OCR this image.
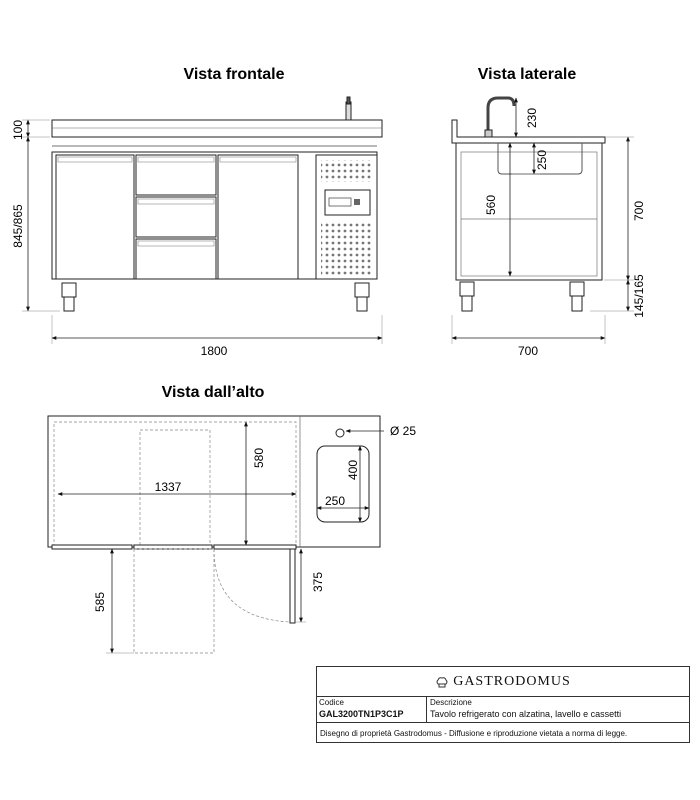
Vista frontale	Vista laterale
Vista dall’alto
100
845/865
1800
230
250
560	700
145/165
700
Ø 25
400
250
580
1337
375
585
GASTRODOMUS
Codice
GAL3200TN1P3C1P
Descrizione
Tavolo refrigerato con alzatina, lavello e cassetti
Disegno di proprietà Gastrodomus - Diffusione e riproduzione vietata a norma di legge.
